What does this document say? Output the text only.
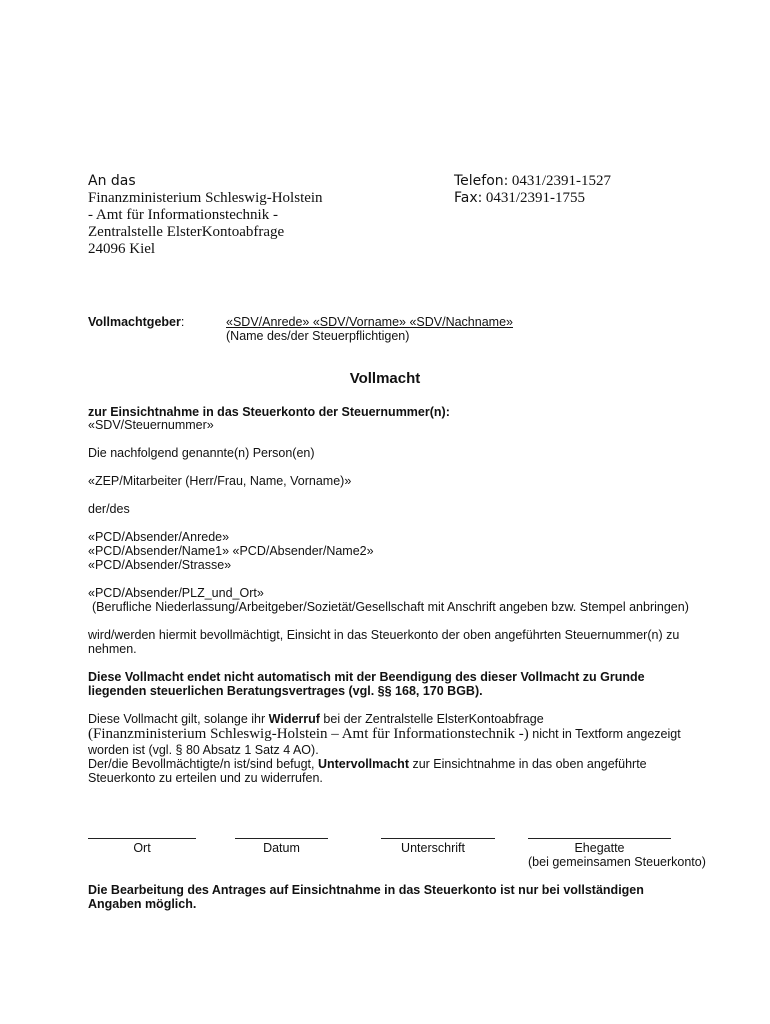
An das
Finanzministerium Schleswig-Holstein
- Amt für Informationstechnik -
Zentralstelle ElsterKontoabfrage
24096 Kiel
Telefon: 0431/2391-1527
Fax: 0431/2391-1755
Vollmachtgeber:	«SDV/Anrede» «SDV/Vorname» «SDV/Nachname»
(Name des/der Steuerpflichtigen)
Vollmacht
zur Einsichtnahme in das Steuerkonto der Steuernummer(n):
«SDV/Steuernummer»
Die nachfolgend genannte(n) Person(en)
«ZEP/Mitarbeiter (Herr/Frau, Name, Vorname)»
der/des
«PCD/Absender/Anrede»
«PCD/Absender/Name1» «PCD/Absender/Name2»
«PCD/Absender/Strasse»
«PCD/Absender/PLZ_und_Ort»
(Berufliche Niederlassung/Arbeitgeber/Sozietät/Gesellschaft mit Anschrift angeben bzw. Stempel anbringen)
wird/werden hiermit bevollmächtigt, Einsicht in das Steuerkonto der oben angeführten Steuernummer(n) zu
nehmen.
Diese Vollmacht endet nicht automatisch mit der Beendigung des dieser Vollmacht zu Grunde
liegenden steuerlichen Beratungsvertrages (vgl. §§ 168, 170 BGB).
Diese Vollmacht gilt, solange ihr Widerruf bei der Zentralstelle ElsterKontoabfrage
(Finanzministerium Schleswig-Holstein – Amt für Informationstechnik -) nicht in Textform angezeigt
worden ist (vgl. § 80 Absatz 1 Satz 4 AO).
Der/die Bevollmächtigte/n ist/sind befugt, Untervollmacht zur Einsichtnahme in das oben angeführte
Steuerkonto zu erteilen und zu widerrufen.
Ort	Datum	Unterschrift	Ehegatte
(bei gemeinsamen Steuerkonto)
Die Bearbeitung des Antrages auf Einsichtnahme in das Steuerkonto ist nur bei vollständigen
Angaben möglich.
